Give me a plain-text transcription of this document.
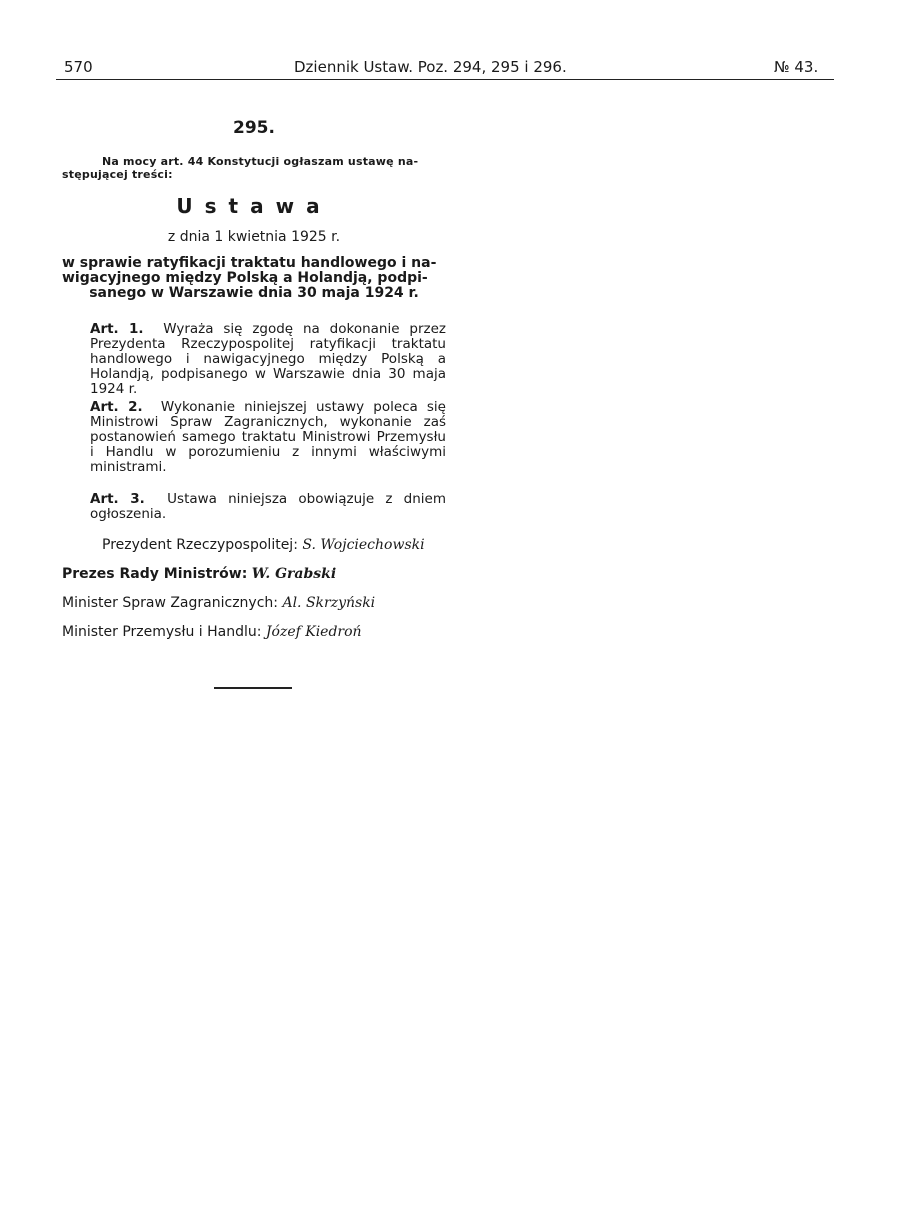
570	Dziennik Ustaw. Poz. 294, 295 i 296.	№ 43.
295.
Na mocy art. 44 Konstytucji ogłaszam ustawę na-
stępującej treści:
Ustawa
z dnia 1 kwietnia 1925 r.
w sprawie ratyfikacji traktatu handlowego i na-
wigacyjnego między Polską a Holandją, podpi-
sanego w Warszawie dnia 30 maja 1924 r.
Art. 1. Wyraża się zgodę na dokonanie przez Prezydenta Rzeczypospolitej ratyfikacji traktatu handlowego i nawigacyjnego między Polską a Holandją, podpisanego w Warszawie dnia 30 maja 1924 r.
Art. 2. Wykonanie niniejszej ustawy poleca się Ministrowi Spraw Zagranicznych, wykonanie zaś postanowień samego traktatu Ministrowi Przemysłu i Handlu w porozumieniu z innymi właściwymi ministrami.
Art. 3. Ustawa niniejsza obowiązuje z dniem ogłoszenia.
Prezydent Rzeczypospolitej: S. Wojciechowski
Prezes Rady Ministrów: W. Grabski
Minister Spraw Zagranicznych: Al. Skrzyński
Minister Przemysłu i Handlu: Józef Kiedroń
